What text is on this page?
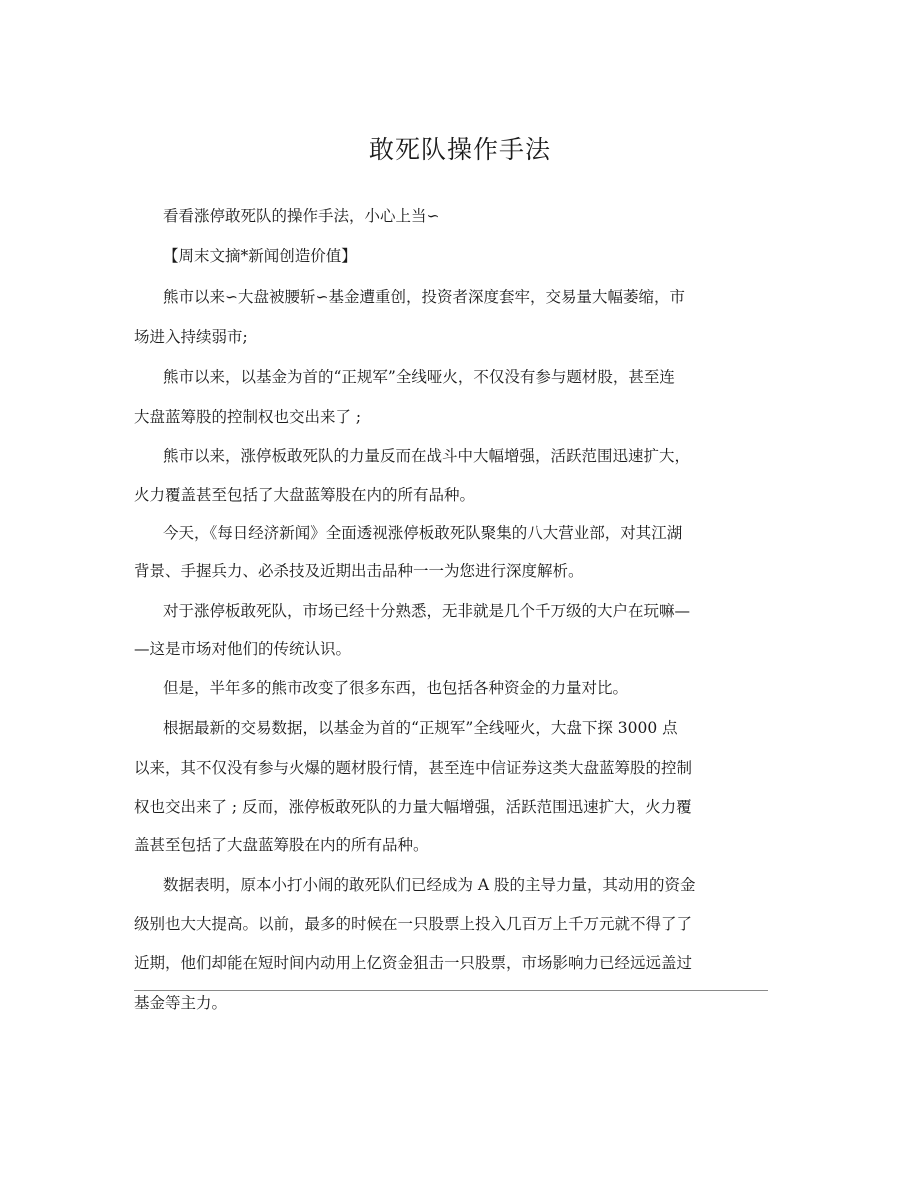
敢死队操作手法

看看涨停敢死队的操作手法，小心上当∽

【周末文摘*新闻创造价值】

熊市以来∽大盘被腰斩∽基金遭重创，投资者深度套牢，交易量大幅萎缩，市

场进入持续弱市;

熊市以来，以基金为首的“正规军”全线哑火，不仅没有参与题材股，甚至连

大盘蓝筹股的控制权也交出来了 ;

熊市以来，涨停板敢死队的力量反而在战斗中大幅增强，活跃范围迅速扩大，

火力覆盖甚至包括了大盘蓝筹股在内的所有品种。

今天，《每日经济新闻》全面透视涨停板敢死队聚集的八大营业部，对其江湖

背景、手握兵力、必杀技及近期出击品种一一为您进行深度解析。

对于涨停板敢死队，市场已经十分熟悉，无非就是几个千万级的大户在玩嘛—

—这是市场对他们的传统认识。

但是，半年多的熊市改变了很多东西，也包括各种资金的力量对比。

根据最新的交易数据，以基金为首的“正规军”全线哑火，大盘下探 3000 点

以来，其不仅没有参与火爆的题材股行情，甚至连中信证券这类大盘蓝筹股的控制

权也交出来了 ; 反而，涨停板敢死队的力量大幅增强，活跃范围迅速扩大，火力覆

盖甚至包括了大盘蓝筹股在内的所有品种。

数据表明，原本小打小闹的敢死队们已经成为 A 股的主导力量，其动用的资金

级别也大大提高。以前，最多的时候在一只股票上投入几百万上千万元就不得了了

近期，他们却能在短时间内动用上亿资金狙击一只股票，市场影响力已经远远盖过

基金等主力。
